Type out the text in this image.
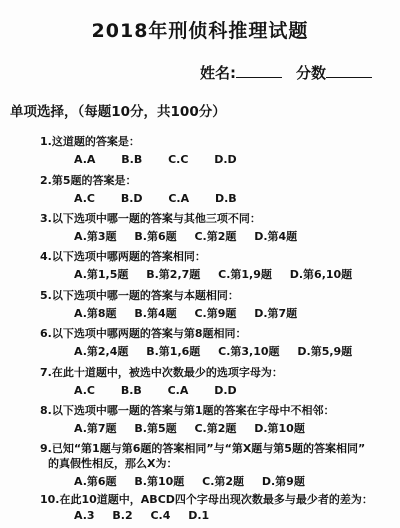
2018年刑侦科推理试题
姓名:	分数
单项选择，（每题10分，共100分）
1.这道题的答案是：
A.A B.B C.C D.D
2.第5题的答案是：
A.C B.D C.A D.B
3.以下选项中哪一题的答案与其他三项不同：
A.第3题 B.第6题 C.第2题 D.第4题
4.以下选项中哪两题的答案相同：
A.第1,5题 B.第2,7题 C.第1,9题 D.第6,10题
5.以下选项中哪一题的答案与本题相同：
A.第8题 B.第4题 C.第9题 D.第7题
6.以下选项中哪两题的答案与第8题相同：
A.第2,4题 B.第1,6题 C.第3,10题 D.第5,9题
7.在此十道题中，被选中次数最少的选项字母为：
A.C B.B C.A D.D
8.以下选项中哪一题的答案与第1题的答案在字母中不相邻：
A.第7题 B.第5题 C.第2题 D.第10题
9.已知“第1题与第6题的答案相同”与“第X题与第5题的答案相同”
的真假性相反，那么X为：
A.第6题 B.第10题 C.第2题 D.第9题
10.在此10道题中，ABCD四个字母出现次数最多与最少者的差为：
A.3 B.2 C.4 D.1
